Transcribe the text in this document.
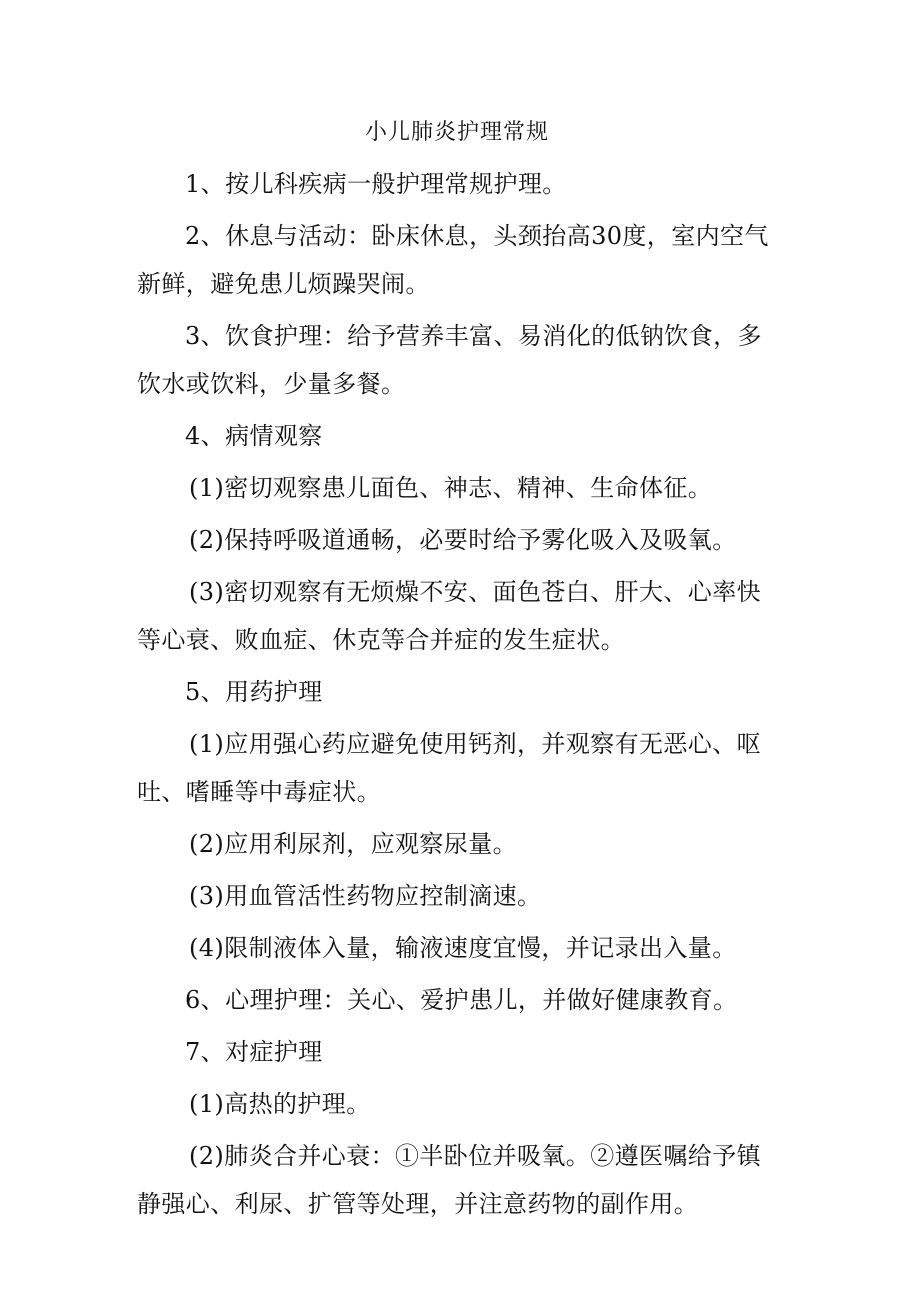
小儿肺炎护理常规

1、按儿科疾病一般护理常规护理。

2、休息与活动：卧床休息，头颈抬高30度，室内空气新鲜，避免患儿烦躁哭闹。

3、饮食护理：给予营养丰富、易消化的低钠饮食，多饮水或饮料，少量多餐。

4、病情观察

(1)密切观察患儿面色、神志、精神、生命体征。

(2)保持呼吸道通畅，必要时给予雾化吸入及吸氧。

(3)密切观察有无烦燥不安、面色苍白、肝大、心率快等心衰、败血症、休克等合并症的发生症状。

5、用药护理

(1)应用强心药应避免使用钙剂，并观察有无恶心、呕吐、嗜睡等中毒症状。

(2)应用利尿剂，应观察尿量。

(3)用血管活性药物应控制滴速。

(4)限制液体入量，输液速度宜慢，并记录出入量。

6、心理护理：关心、爱护患儿，并做好健康教育。

7、对症护理

(1)高热的护理。

(2)肺炎合并心衰：①半卧位并吸氧。②遵医嘱给予镇静强心、利尿、扩管等处理，并注意药物的副作用。
